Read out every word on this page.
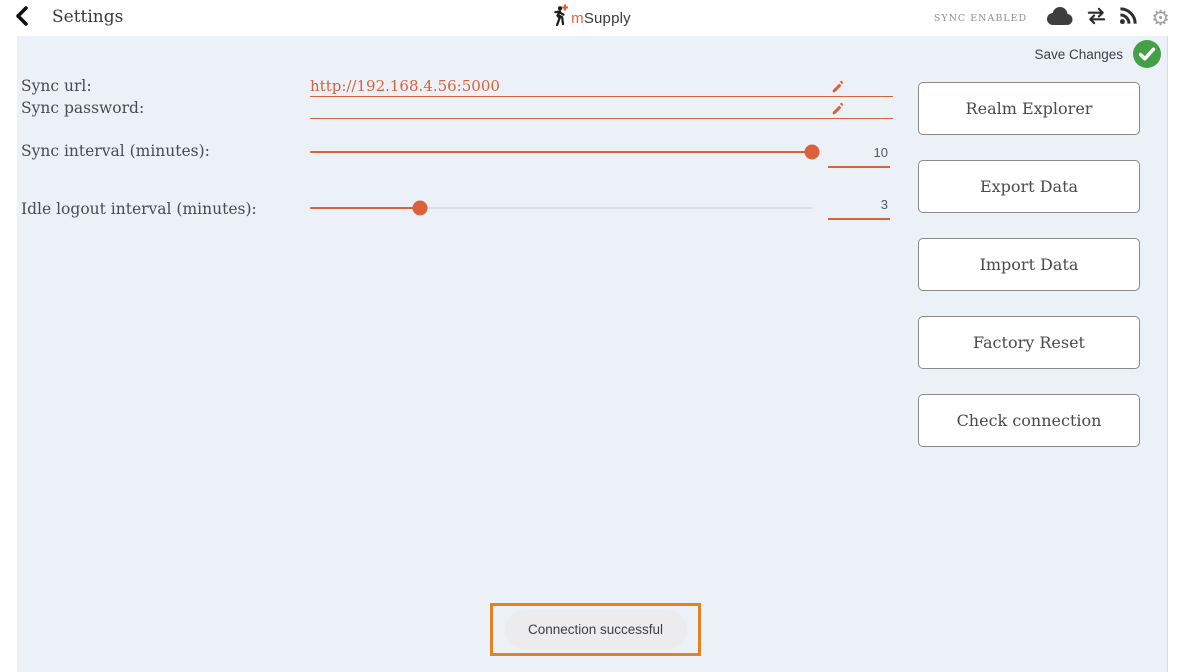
Settings	mSupply	SYNC ENABLED	⚙
Save Changes
Sync url:	http://192.168.4.56:5000
Sync password:
Sync interval (minutes):	10
Idle logout interval (minutes):	3
Realm Explorer
Export Data
Import Data
Factory Reset
Check connection
Connection successful
